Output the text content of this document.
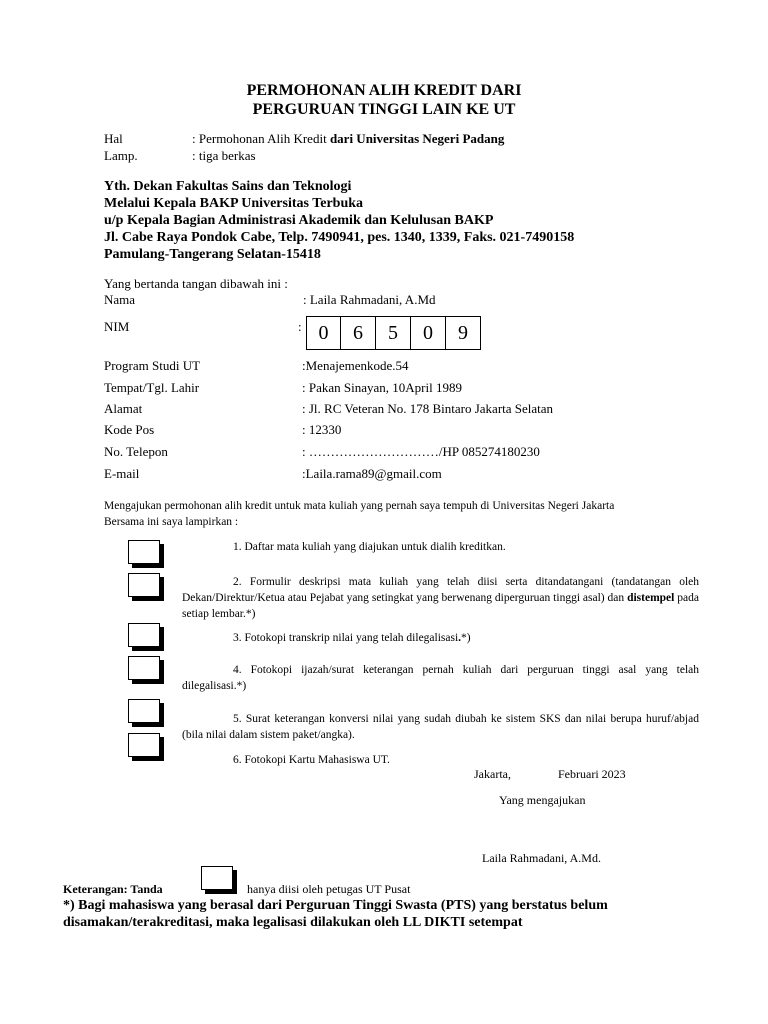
PERMOHONAN ALIH KREDIT DARI
PERGURUAN TINGGI LAIN KE UT
Hal	: Permohonan Alih Kredit dari Universitas Negeri Padang
Lamp.	: tiga berkas
Yth. Dekan Fakultas Sains dan Teknologi
Melalui Kepala BAKP Universitas Terbuka
u/p Kepala Bagian Administrasi Akademik dan Kelulusan BAKP
Jl. Cabe Raya Pondok Cabe, Telp. 7490941, pes. 1340, 1339, Faks. 021-7490158
Pamulang-Tangerang Selatan-15418
Yang bertanda tangan dibawah ini :
Nama	: Laila Rahmadani, A.Md
NIM	: 0	6	5	0	9
Program Studi UT	:Menajemenkode.54
Tempat/Tgl. Lahir	: Pakan Sinayan, 10April 1989
Alamat	: Jl. RC Veteran No. 178 Bintaro Jakarta Selatan
Kode Pos	: 12330
No. Telepon	: …………………………/HP 085274180230
E-mail	:Laila.rama89@gmail.com
Mengajukan permohonan alih kredit untuk mata kuliah yang pernah saya tempuh di Universitas Negeri Jakarta
Bersama ini saya lampirkan :
1. Daftar mata kuliah yang diajukan untuk dialih kreditkan.
2. Formulir deskripsi mata kuliah yang telah diisi serta ditandatangani (tandatangan oleh Dekan/Direktur/Ketua atau Pejabat yang setingkat yang berwenang diperguruan tinggi asal) dan distempel pada setiap lembar.*)
3. Fotokopi transkrip nilai yang telah dilegalisasi.*)
4. Fotokopi ijazah/surat keterangan pernah kuliah dari perguruan tinggi asal yang telah dilegalisasi.*)
5. Surat keterangan konversi nilai yang sudah diubah ke sistem SKS dan nilai berupa huruf/abjad (bila nilai dalam sistem paket/angka).
6. Fotokopi Kartu Mahasiswa UT.
Jakarta,	Februari 2023
Yang mengajukan
Laila Rahmadani, A.Md.
Keterangan: Tanda	hanya diisi oleh petugas UT Pusat
*) Bagi mahasiswa yang berasal dari Perguruan Tinggi Swasta (PTS) yang berstatus belum
disamakan/terakreditasi, maka legalisasi dilakukan oleh LL DIKTI setempat
